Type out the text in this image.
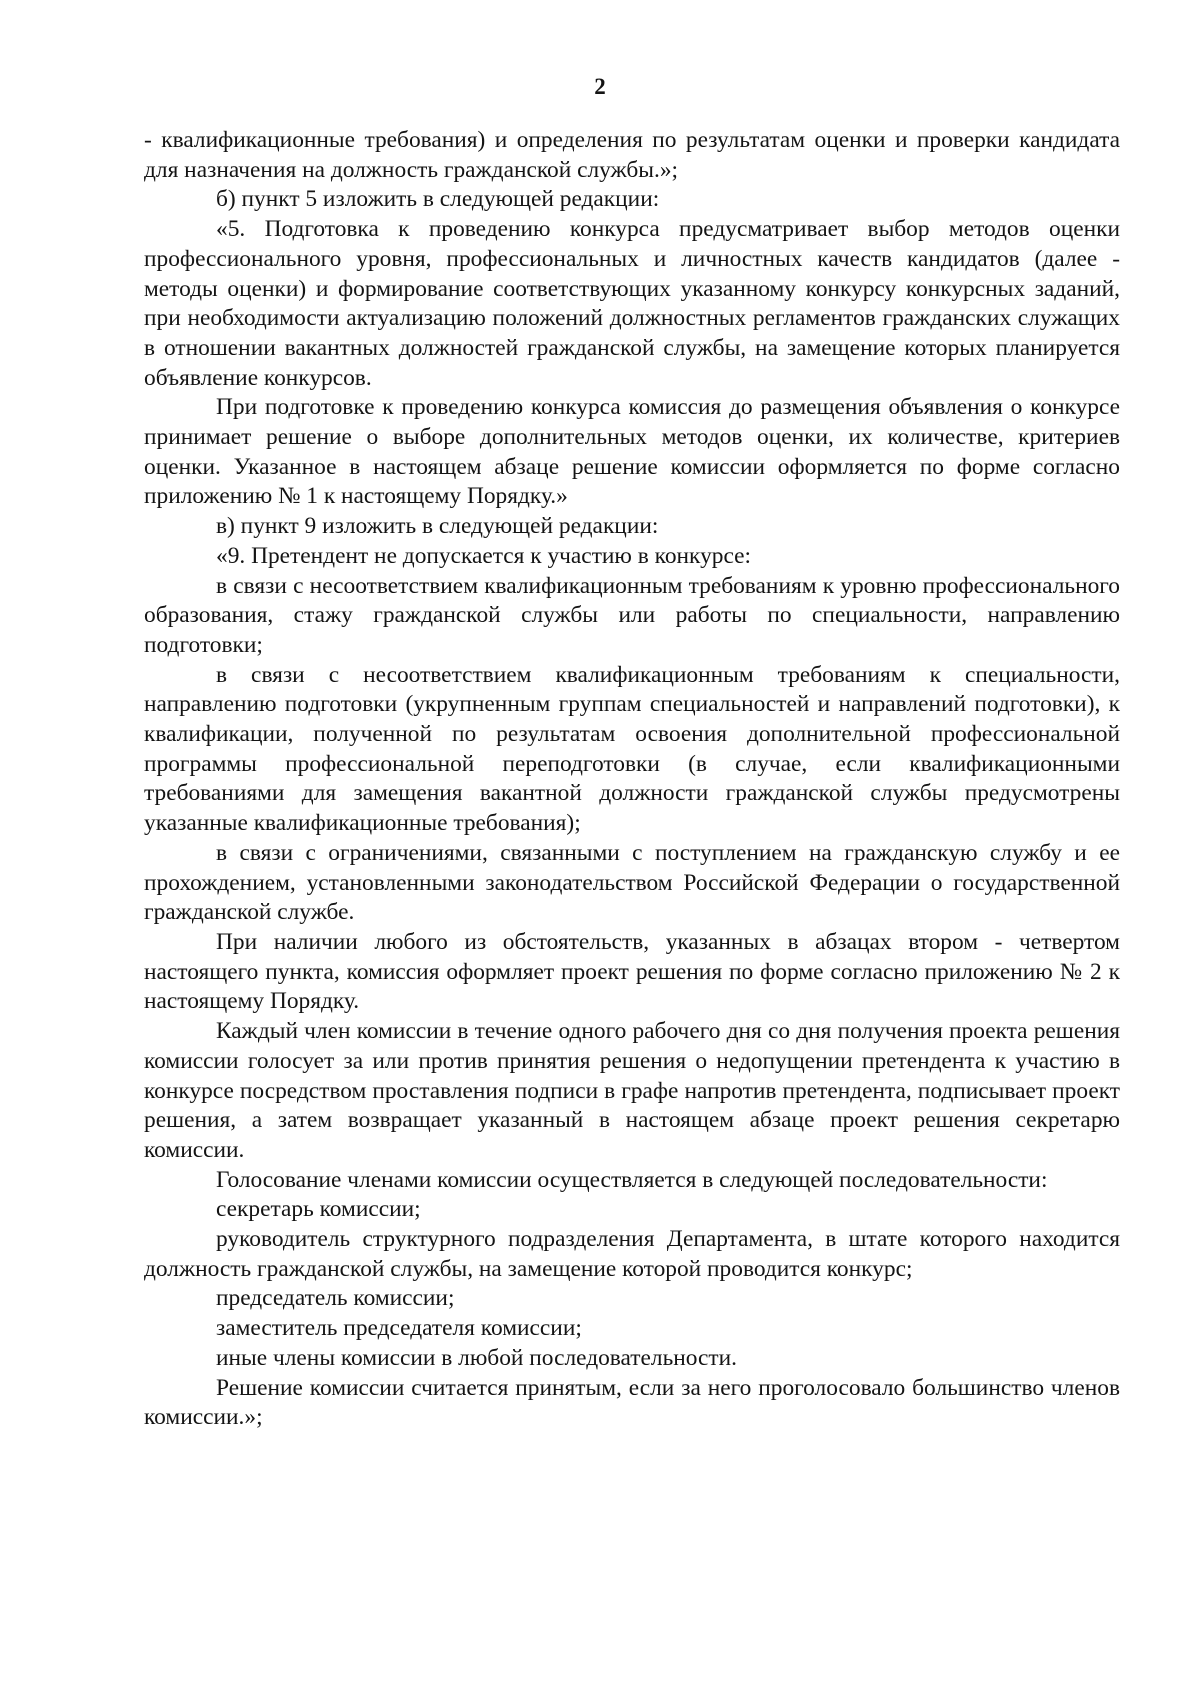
2

- квалификационные требования) и определения по результатам оценки и проверки кандидата для назначения на должность гражданской службы.»;

б) пункт 5 изложить в следующей редакции:

«5. Подготовка к проведению конкурса предусматривает выбор методов оценки профессионального уровня, профессиональных и личностных качеств кандидатов (далее - методы оценки) и формирование соответствующих указанному конкурсу конкурсных заданий, при необходимости актуализацию положений должностных регламентов гражданских служащих в отношении вакантных должностей гражданской службы, на замещение которых планируется объявление конкурсов.

При подготовке к проведению конкурса комиссия до размещения объявления о конкурсе принимает решение о выборе дополнительных методов оценки, их количестве, критериев оценки. Указанное в настоящем абзаце решение комиссии оформляется по форме согласно приложению № 1 к настоящему Порядку.»

в) пункт 9 изложить в следующей редакции:

«9. Претендент не допускается к участию в конкурсе:

в связи с несоответствием квалификационным требованиям к уровню профессионального образования, стажу гражданской службы или работы по специальности, направлению подготовки;

в связи с несоответствием квалификационным требованиям к специальности, направлению подготовки (укрупненным группам специальностей и направлений подготовки), к квалификации, полученной по результатам освоения дополнительной профессиональной программы профессиональной переподготовки (в случае, если квалификационными требованиями для замещения вакантной должности гражданской службы предусмотрены указанные квалификационные требования);

в связи с ограничениями, связанными с поступлением на гражданскую службу и ее прохождением, установленными законодательством Российской Федерации о государственной гражданской службе.

При наличии любого из обстоятельств, указанных в абзацах втором - четвертом настоящего пункта, комиссия оформляет проект решения по форме согласно приложению № 2 к настоящему Порядку.

Каждый член комиссии в течение одного рабочего дня со дня получения проекта решения комиссии голосует за или против принятия решения о недопущении претендента к участию в конкурсе посредством проставления подписи в графе напротив претендента, подписывает проект решения, а затем возвращает указанный в настоящем абзаце проект решения секретарю комиссии.

Голосование членами комиссии осуществляется в следующей последовательности:

секретарь комиссии;

руководитель структурного подразделения Департамента, в штате которого находится должность гражданской службы, на замещение которой проводится конкурс;

председатель комиссии;

заместитель председателя комиссии;

иные члены комиссии в любой последовательности.

Решение комиссии считается принятым, если за него проголосовало большинство членов комиссии.»;
